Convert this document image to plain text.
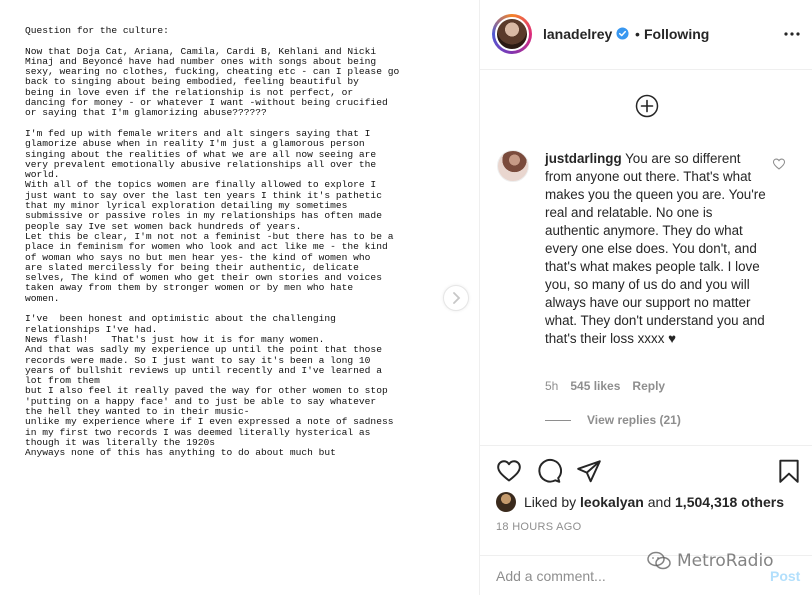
Question for the culture:

Now that Doja Cat, Ariana, Camila, Cardi B, Kehlani and Nicki
Minaj and Beyoncé have had number ones with songs about being
sexy, wearing no clothes, fucking, cheating etc - can I please go
back to singing about being embodied, feeling beautiful by
being in love even if the relationship is not perfect, or
dancing for money - or whatever I want -without being crucified
or saying that I'm glamorizing abuse??????

I'm fed up with female writers and alt singers saying that I
glamorize abuse when in reality I'm just a glamorous person
singing about the realities of what we are all now seeing are
very prevalent emotionally abusive relationships all over the
world.
With all of the topics women are finally allowed to explore I
just want to say over the last ten years I think it's pathetic
that my minor lyrical exploration detailing my sometimes
submissive or passive roles in my relationships has often made
people say Ive set women back hundreds of years.
Let this be clear, I'm not not a feminist -but there has to be a
place in feminism for women who look and act like me - the kind
of woman who says no but men hear yes- the kind of women who
are slated mercilessly for being their authentic, delicate
selves, The kind of women who get their own stories and voices
taken away from them by stronger women or by men who hate
women.

I've  been honest and optimistic about the challenging
relationships I've had.
News flash!    That's just how it is for many women.
And that was sadly my experience up until the point that those
records were made. So I just want to say it's been a long 10
years of bullshit reviews up until recently and I've learned a
lot from them
but I also feel it really paved the way for other women to stop
'putting on a happy face' and to just be able to say whatever
the hell they wanted to in their music-
unlike my experience where if I even expressed a note of sadness
in my first two records I was deemed literally hysterical as
though it was literally the 1920s
Anyways none of this has anything to do about much but
lanadelrey • Following
justdarlingg You are so different from anyone out there. That's what makes you the queen you are. You're real and relatable. No one is authentic anymore. They do what every one else does. You don't, and that's what makes people talk. I love you, so many of us do and you will always have our support no matter what. They don't understand you and that's their loss xxxx ♥
5h 545 likes Reply
View replies (21)
Liked by
leokalyan
and
1,504,318 others
18 HOURS AGO
Add a comment...
Post
MetroRadio
